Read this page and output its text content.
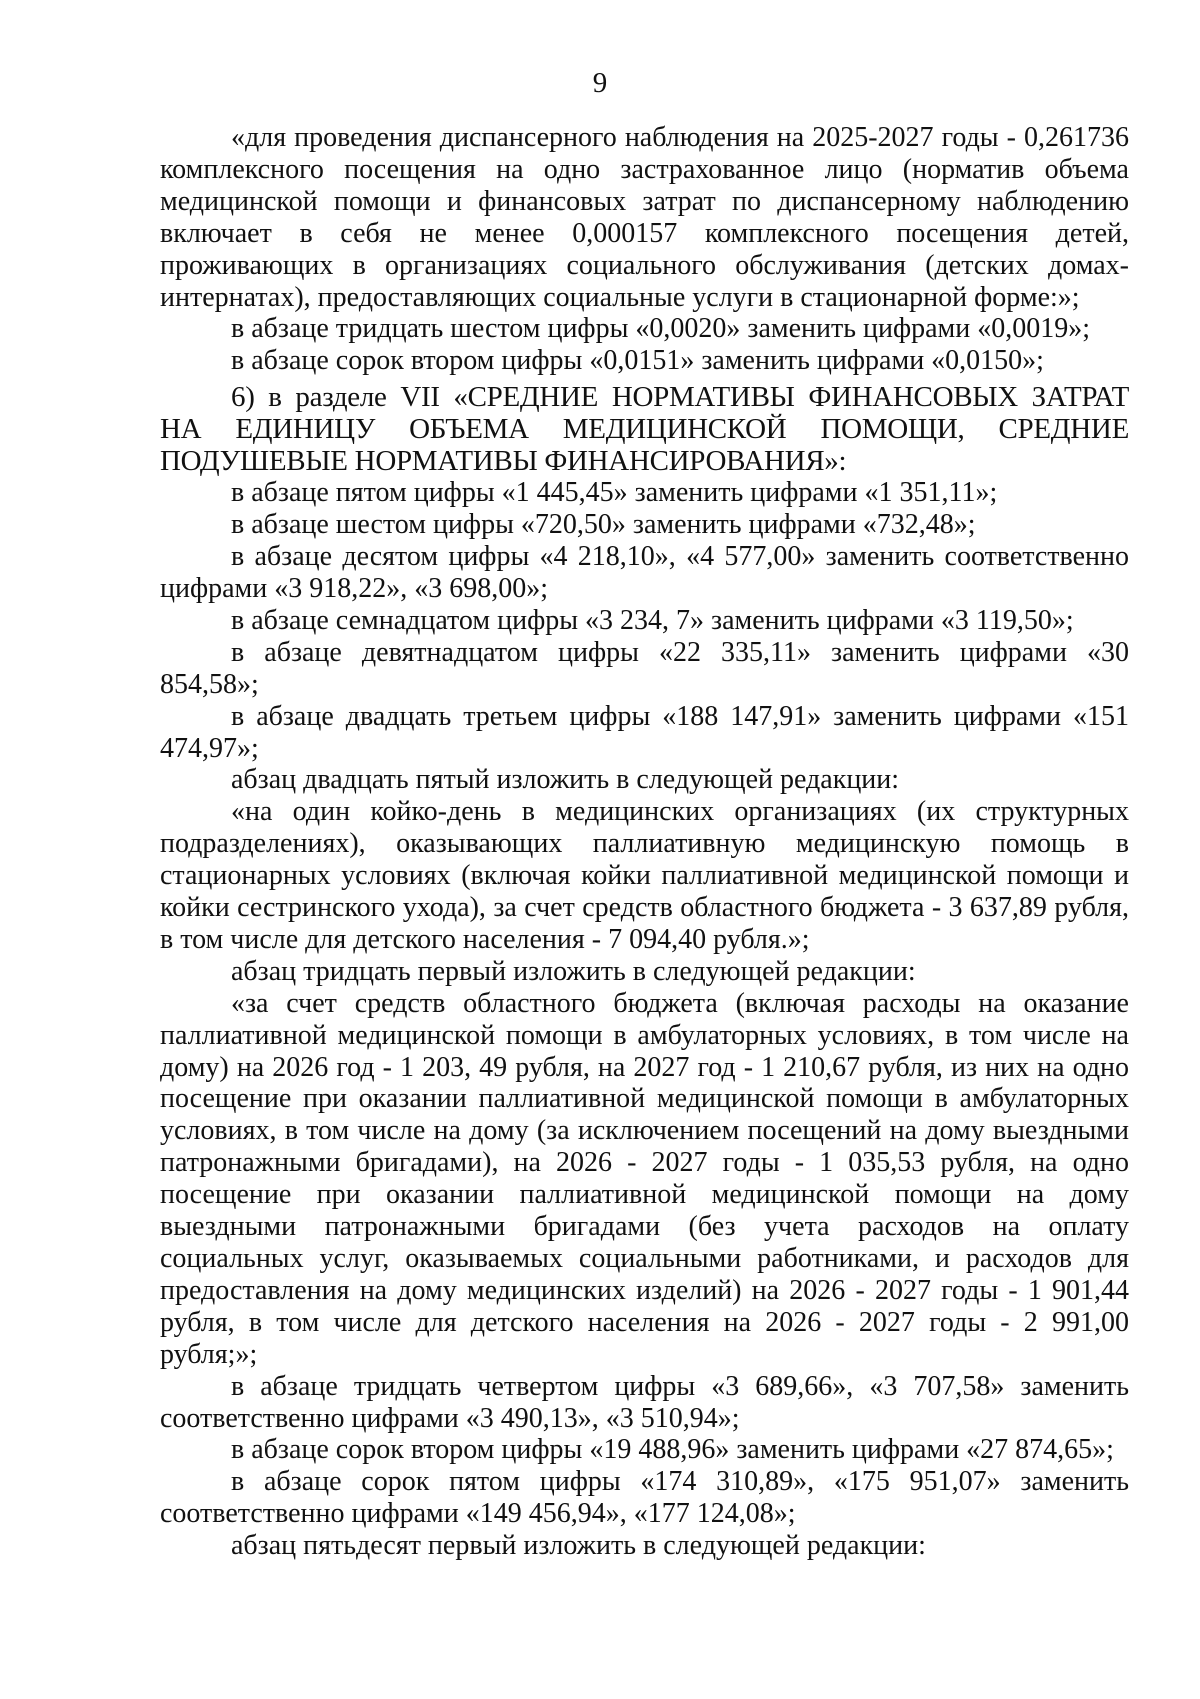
9

«для проведения диспансерного наблюдения на 2025-2027 годы - 0,261736 комплексного посещения на одно застрахованное лицо (норматив объема медицинской помощи и финансовых затрат по диспансерному наблюдению включает в себя не менее 0,000157 комплексного посещения детей, проживающих в организациях социального обслуживания (детских домах-интернатах), предоставляющих социальные услуги в стационарной форме:»;

в абзаце тридцать шестом цифры «0,0020» заменить цифрами «0,0019»;

в абзаце сорок втором цифры «0,0151» заменить цифрами «0,0150»;

6) в разделе VII «СРЕДНИЕ НОРМАТИВЫ ФИНАНСОВЫХ ЗАТРАТ НА ЕДИНИЦУ ОБЪЕМА МЕДИЦИНСКОЙ ПОМОЩИ, СРЕДНИЕ ПОДУШЕВЫЕ НОРМАТИВЫ ФИНАНСИРОВАНИЯ»:

в абзаце пятом цифры «1 445,45» заменить цифрами «1 351,11»;

в абзаце шестом цифры «720,50» заменить цифрами «732,48»;

в абзаце десятом цифры «4 218,10», «4 577,00» заменить соответственно цифрами «3 918,22», «3 698,00»;

в абзаце семнадцатом цифры «3 234, 7» заменить цифрами «3 119,50»;

в абзаце девятнадцатом цифры «22 335,11» заменить цифрами «30 854,58»;

в абзаце двадцать третьем цифры «188 147,91» заменить цифрами «151 474,97»;

абзац двадцать пятый изложить в следующей редакции:

«на один койко-день в медицинских организациях (их структурных подразделениях), оказывающих паллиативную медицинскую помощь в стационарных условиях (включая койки паллиативной медицинской помощи и койки сестринского ухода), за счет средств областного бюджета - 3 637,89 рубля, в том числе для детского населения - 7 094,40 рубля.»;

абзац тридцать первый изложить в следующей редакции:

«за счет средств областного бюджета (включая расходы на оказание паллиативной медицинской помощи в амбулаторных условиях, в том числе на дому) на 2026 год - 1 203, 49 рубля, на 2027 год - 1 210,67 рубля, из них на одно посещение при оказании паллиативной медицинской помощи в амбулаторных условиях, в том числе на дому (за исключением посещений на дому выездными патронажными бригадами), на 2026 - 2027 годы - 1 035,53 рубля, на одно посещение при оказании паллиативной медицинской помощи на дому выездными патронажными бригадами (без учета расходов на оплату социальных услуг, оказываемых социальными работниками, и расходов для предоставления на дому медицинских изделий) на 2026 - 2027 годы - 1 901,44 рубля, в том числе для детского населения на 2026 - 2027 годы - 2 991,00 рубля;»;

в абзаце тридцать четвертом цифры «3 689,66», «3 707,58» заменить соответственно цифрами «3 490,13», «3 510,94»;

в абзаце сорок втором цифры «19 488,96» заменить цифрами «27 874,65»;

в абзаце сорок пятом цифры «174 310,89», «175 951,07» заменить соответственно цифрами «149 456,94», «177 124,08»;

абзац пятьдесят первый изложить в следующей редакции:
